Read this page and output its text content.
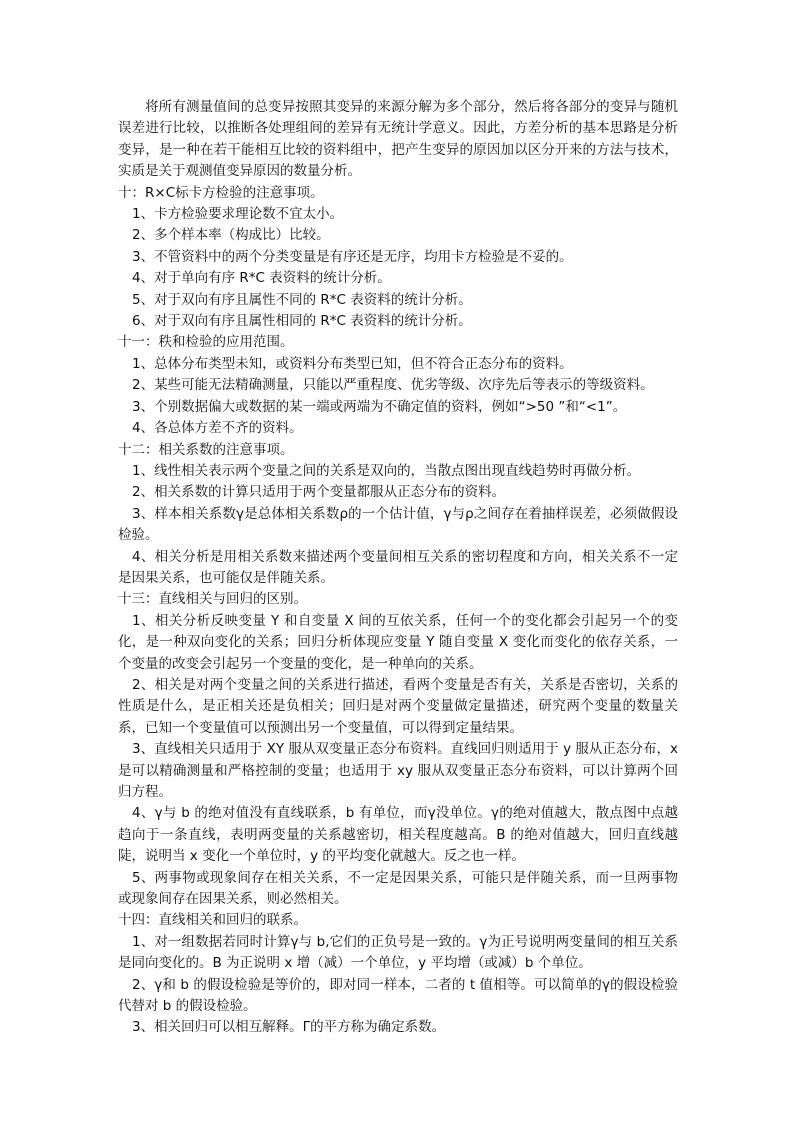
将所有测量值间的总变异按照其变异的来源分解为多个部分，然后将各部分的变异与随机误差进行比较，以推断各处理组间的差异有无统计学意义。因此，方差分析的基本思路是分析变异，是一种在若干能相互比较的资料组中，把产生变异的原因加以区分开来的方法与技术，实质是关于观测值变异原因的数量分析。

十：R×C标卡方检验的注意事项。

1、卡方检验要求理论数不宜太小。

2、多个样本率（构成比）比较。

3、不管资料中的两个分类变量是有序还是无序，均用卡方检验是不妥的。

4、对于单向有序 R*C 表资料的统计分析。

5、对于双向有序且属性不同的 R*C 表资料的统计分析。

6、对于双向有序且属性相同的 R*C 表资料的统计分析。

十一：秩和检验的应用范围。

1、总体分布类型未知，或资料分布类型已知，但不符合正态分布的资料。

2、某些可能无法精确测量，只能以严重程度、优劣等级、次序先后等表示的等级资料。

3、个别数据偏大或数据的某一端或两端为不确定值的资料，例如“>50 ”和“<1”。

4、各总体方差不齐的资料。

十二：相关系数的注意事项。

1、线性相关表示两个变量之间的关系是双向的，当散点图出现直线趋势时再做分析。

2、相关系数的计算只适用于两个变量都服从正态分布的资料。

3、样本相关系数γ是总体相关系数ρ的一个估计值，γ与ρ之间存在着抽样误差，必须做假设检验。

4、相关分析是用相关系数来描述两个变量间相互关系的密切程度和方向，相关关系不一定是因果关系，也可能仅是伴随关系。

十三：直线相关与回归的区别。

1、相关分析反映变量 Y 和自变量 X 间的互依关系，任何一个的变化都会引起另一个的变化，是一种双向变化的关系；回归分析体现应变量 Y 随自变量 X 变化而变化的依存关系，一个变量的改变会引起另一个变量的变化，是一种单向的关系。

2、相关是对两个变量之间的关系进行描述，看两个变量是否有关，关系是否密切，关系的性质是什么，是正相关还是负相关；回归是对两个变量做定量描述，研究两个变量的数量关系，已知一个变量值可以预测出另一个变量值，可以得到定量结果。

3、直线相关只适用于 XY 服从双变量正态分布资料。直线回归则适用于 y 服从正态分布，x 是可以精确测量和严格控制的变量；也适用于 xy 服从双变量正态分布资料，可以计算两个回归方程。

4、γ与 b 的绝对值没有直线联系，b 有单位，而γ没单位。γ的绝对值越大，散点图中点越趋向于一条直线，表明两变量的关系越密切，相关程度越高。B 的绝对值越大，回归直线越陡，说明当 x 变化一个单位时，y 的平均变化就越大。反之也一样。

5、两事物或现象间存在相关关系，不一定是因果关系，可能只是伴随关系，而一旦两事物或现象间存在因果关系，则必然相关。

十四：直线相关和回归的联系。

1、对一组数据若同时计算γ与 b,它们的正负号是一致的。γ为正号说明两变量间的相互关系是同向变化的。B 为正说明 x 增（减）一个单位，y 平均增（或减）b 个单位。

2、γ和 b 的假设检验是等价的，即对同一样本，二者的 t 值相等。可以简单的γ的假设检验代替对 b 的假设检验。

3、相关回归可以相互解释。Γ的平方称为确定系数。
